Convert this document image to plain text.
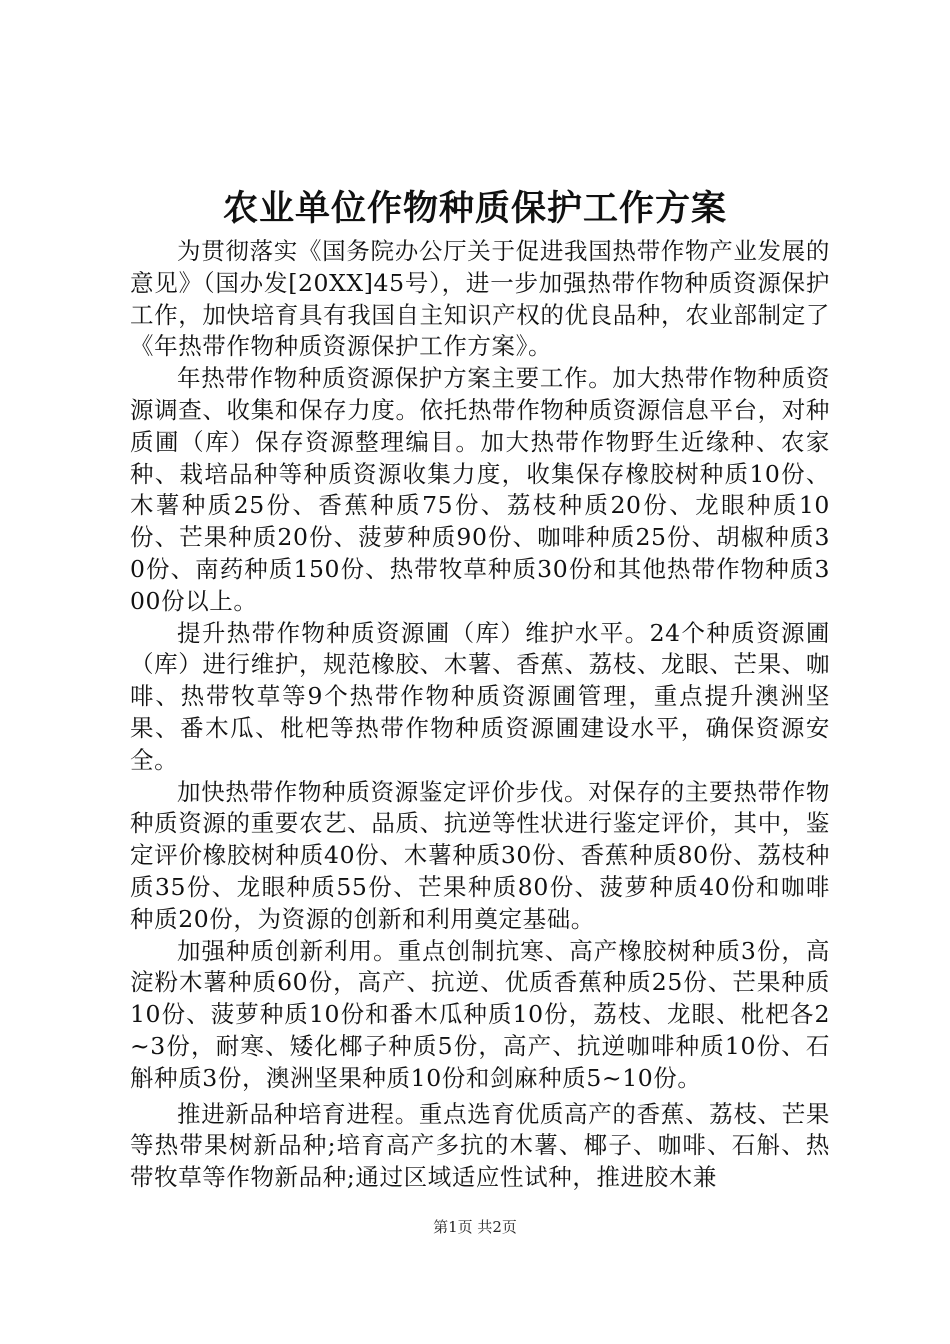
农业单位作物种质保护工作方案

为贯彻落实《国务院办公厅关于促进我国热带作物产业发展的意见》（国办发[20XX]45号），进一步加强热带作物种质资源保护工作，加快培育具有我国自主知识产权的优良品种，农业部制定了《年热带作物种质资源保护工作方案》。

年热带作物种质资源保护方案主要工作。加大热带作物种质资源调查、收集和保存力度。依托热带作物种质资源信息平台，对种质圃（库）保存资源整理编目。加大热带作物野生近缘种、农家种、栽培品种等种质资源收集力度，收集保存橡胶树种质10份、木薯种质25份、香蕉种质75份、荔枝种质20份、龙眼种质10份、芒果种质20份、菠萝种质90份、咖啡种质25份、胡椒种质30份、南药种质150份、热带牧草种质30份和其他热带作物种质300份以上。

提升热带作物种质资源圃（库）维护水平。24个种质资源圃（库）进行维护，规范橡胶、木薯、香蕉、荔枝、龙眼、芒果、咖啡、热带牧草等9个热带作物种质资源圃管理，重点提升澳洲坚果、番木瓜、枇杷等热带作物种质资源圃建设水平，确保资源安全。

加快热带作物种质资源鉴定评价步伐。对保存的主要热带作物种质资源的重要农艺、品质、抗逆等性状进行鉴定评价，其中，鉴定评价橡胶树种质40份、木薯种质30份、香蕉种质80份、荔枝种质35份、龙眼种质55份、芒果种质80份、菠萝种质40份和咖啡种质20份，为资源的创新和利用奠定基础。

加强种质创新利用。重点创制抗寒、高产橡胶树种质3份，高淀粉木薯种质60份，高产、抗逆、优质香蕉种质25份、芒果种质10份、菠萝种质10份和番木瓜种质10份，荔枝、龙眼、枇杷各2~3份，耐寒、矮化椰子种质5份，高产、抗逆咖啡种质10份、石斛种质3份，澳洲坚果种质10份和剑麻种质5~10份。

推进新品种培育进程。重点选育优质高产的香蕉、荔枝、芒果等热带果树新品种;培育高产多抗的木薯、椰子、咖啡、石斛、热带牧草等作物新品种;通过区域适应性试种，推进胶木兼

第1页 共2页
